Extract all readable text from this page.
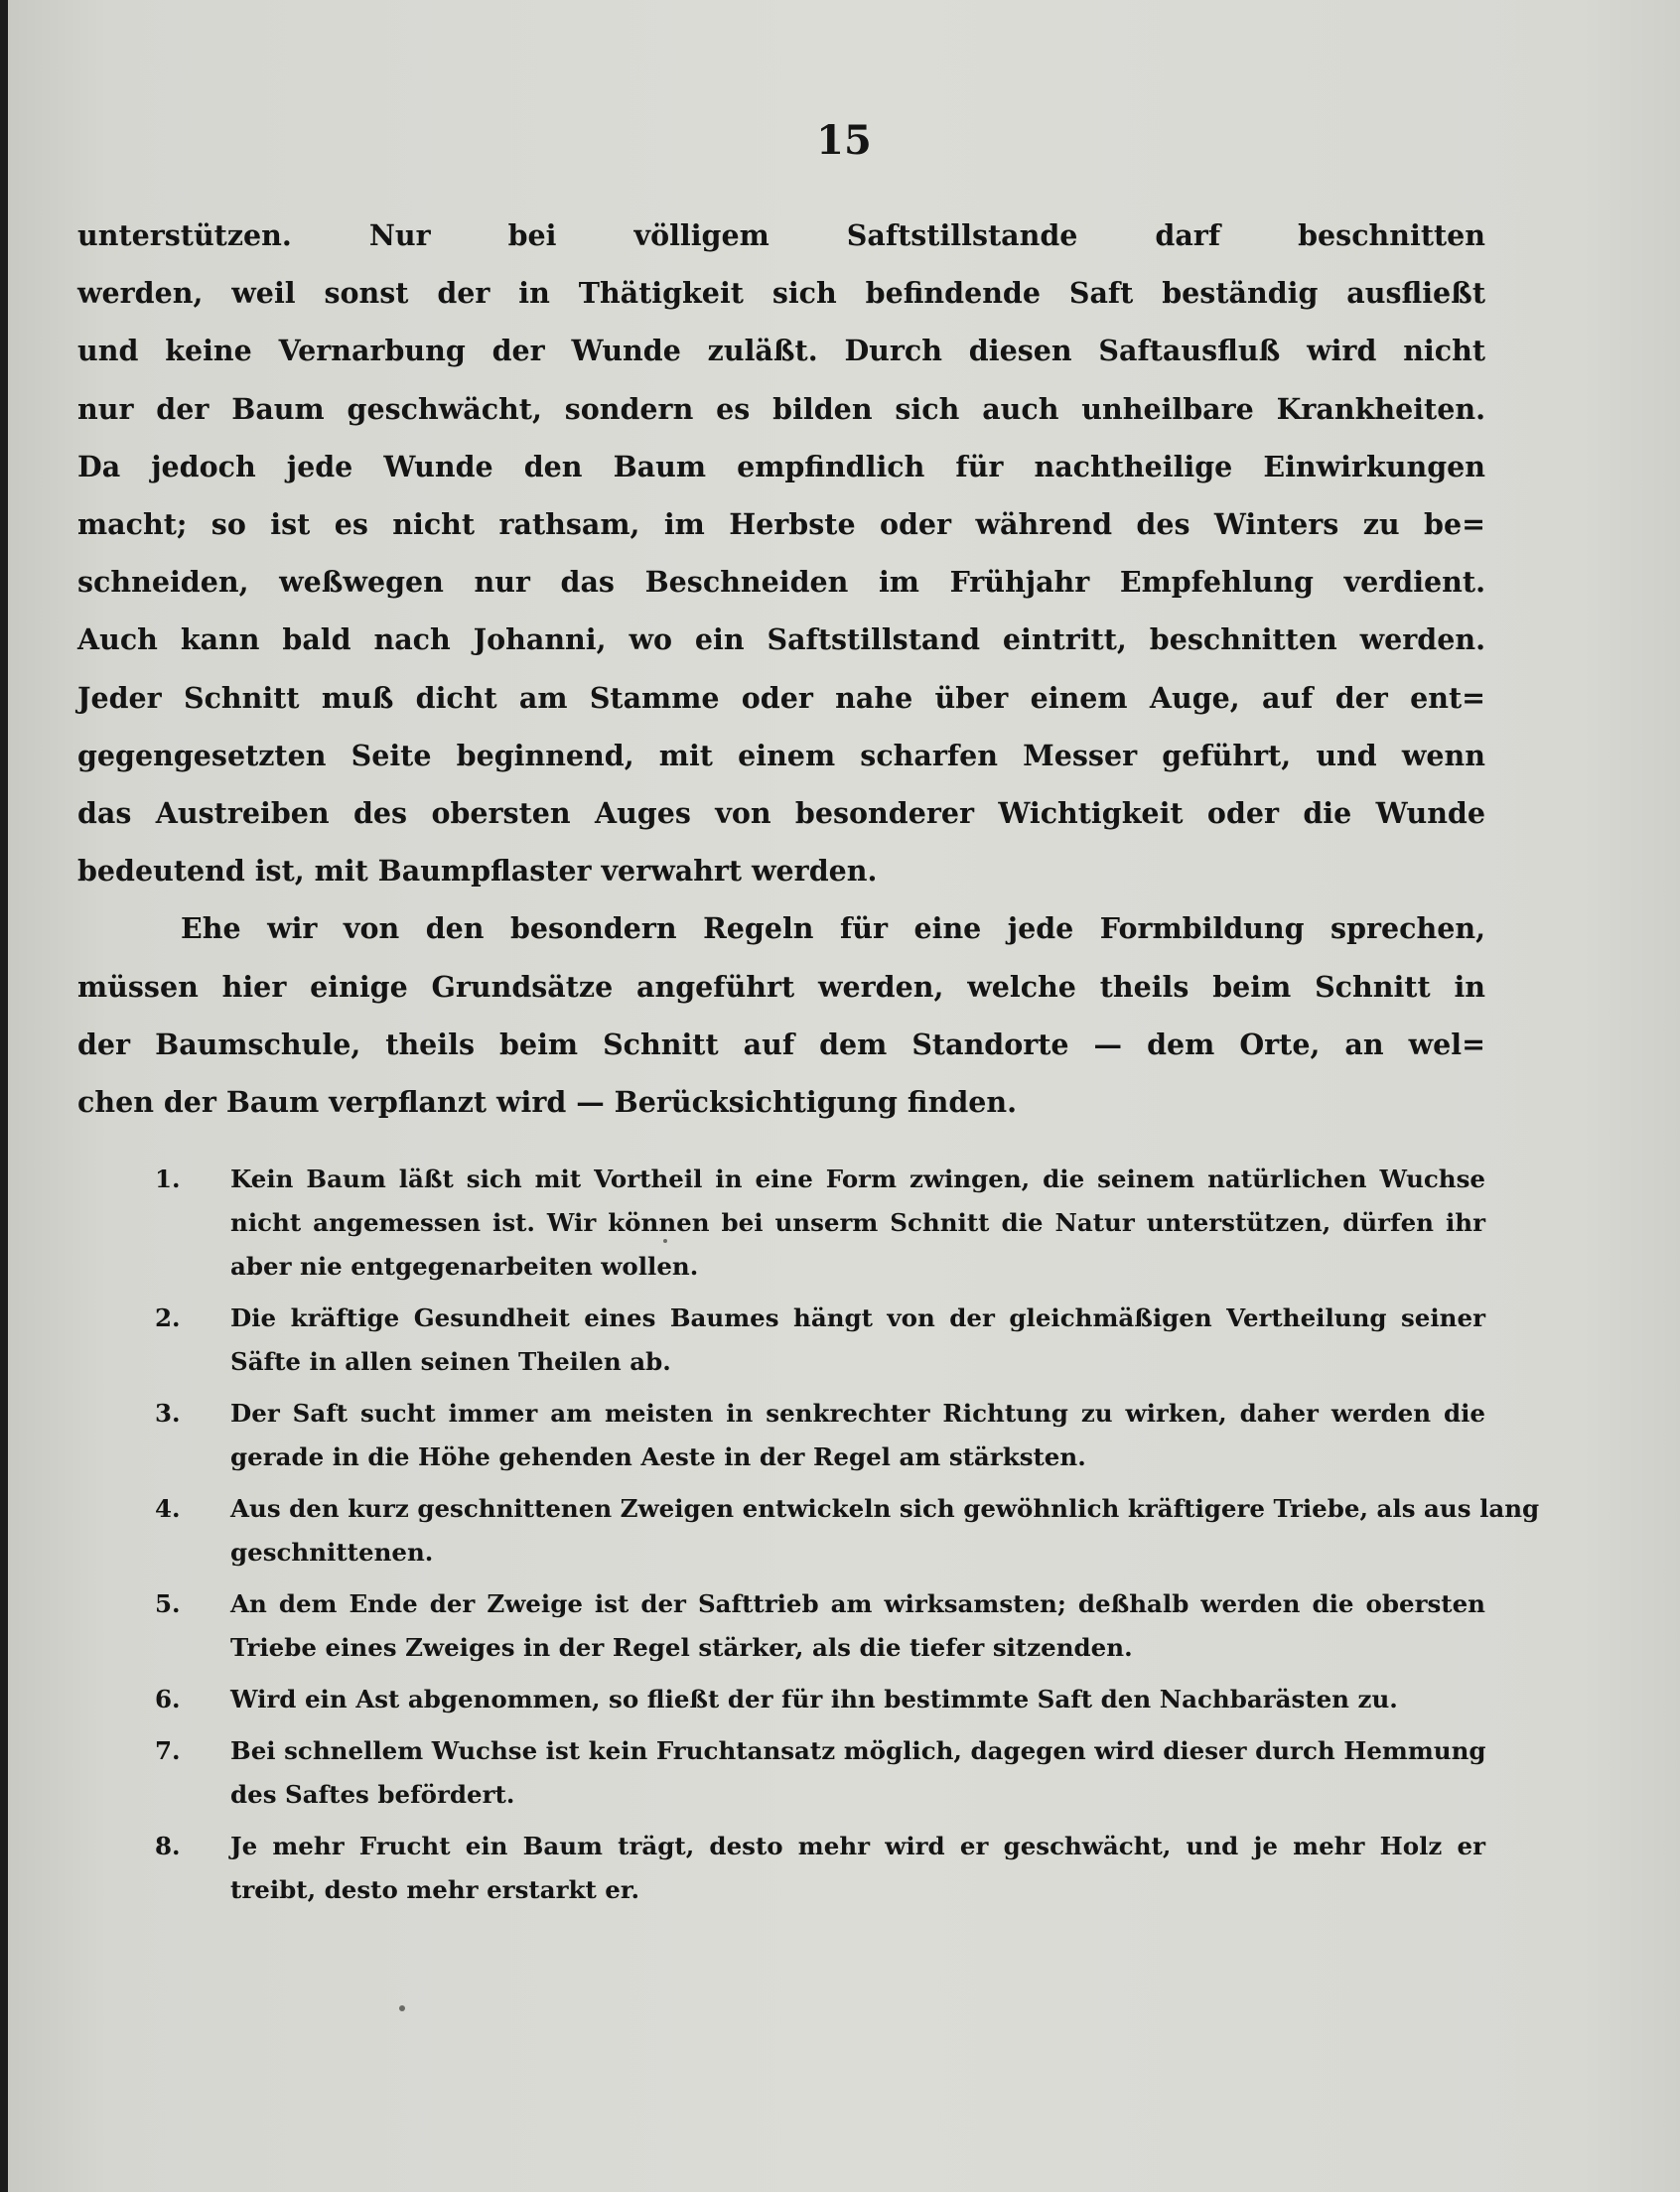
15

unterstützen. Nur bei völligem Saftstillstande darf beschnitten
werden, weil sonst der in Thätigkeit sich befindende Saft beständig ausfließt
und keine Vernarbung der Wunde zuläßt. Durch diesen Saftausfluß wird nicht
nur der Baum geschwächt, sondern es bilden sich auch unheilbare Krankheiten.
Da jedoch jede Wunde den Baum empfindlich für nachtheilige Einwirkungen
macht; so ist es nicht rathsam, im Herbste oder während des Winters zu be=
schneiden, weßwegen nur das Beschneiden im Frühjahr Empfehlung verdient.
Auch kann bald nach Johanni, wo ein Saftstillstand eintritt, beschnitten werden.
Jeder Schnitt muß dicht am Stamme oder nahe über einem Auge, auf der ent=
gegengesetzten Seite beginnend, mit einem scharfen Messer geführt, und wenn
das Austreiben des obersten Auges von besonderer Wichtigkeit oder die Wunde
bedeutend ist, mit Baumpflaster verwahrt werden.

Ehe wir von den besondern Regeln für eine jede Formbildung sprechen,
müssen hier einige Grundsätze angeführt werden, welche theils beim Schnitt in
der Baumschule, theils beim Schnitt auf dem Standorte — dem Orte, an wel=
chen der Baum verpflanzt wird — Berücksichtigung finden.

1.	Kein Baum läßt sich mit Vortheil in eine Form zwingen, die seinem natürlichen Wuchse
nicht angemessen ist. Wir können bei unserm Schnitt die Natur unterstützen, dürfen ihr
aber nie entgegenarbeiten wollen.
2.	Die kräftige Gesundheit eines Baumes hängt von der gleichmäßigen Vertheilung seiner
Säfte in allen seinen Theilen ab.
3.	Der Saft sucht immer am meisten in senkrechter Richtung zu wirken, daher werden die
gerade in die Höhe gehenden Aeste in der Regel am stärksten.
4.	Aus den kurz geschnittenen Zweigen entwickeln sich gewöhnlich kräftigere Triebe, als aus lang
geschnittenen.
5.	An dem Ende der Zweige ist der Safttrieb am wirksamsten; deßhalb werden die obersten
Triebe eines Zweiges in der Regel stärker, als die tiefer sitzenden.
6.	Wird ein Ast abgenommen, so fließt der für ihn bestimmte Saft den Nachbarästen zu.
7.	Bei schnellem Wuchse ist kein Fruchtansatz möglich, dagegen wird dieser durch Hemmung
des Saftes befördert.
8.	Je mehr Frucht ein Baum trägt, desto mehr wird er geschwächt, und je mehr Holz er
treibt, desto mehr erstarkt er.
